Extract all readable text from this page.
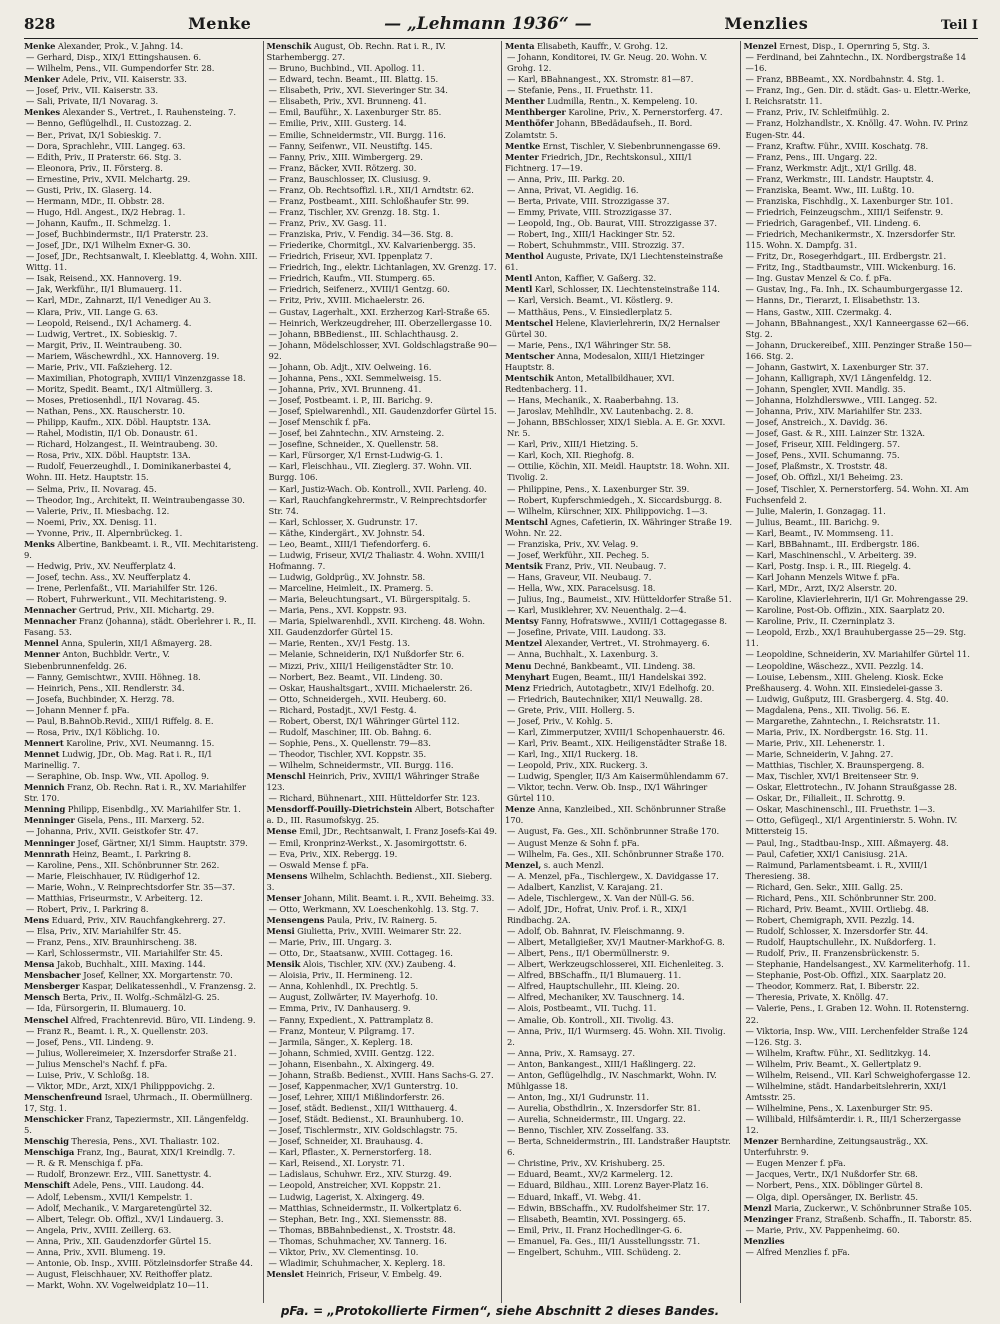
828	Menke	— „Lehmann 1936“ —	Menzlies	Teil I

Menke Alexander, Prok., V. Jahng. 14.

— Gerhard, Disp., XIX/1 Ettingshausen. 6.

— Wilhelm, Pens., VII. Gumpendorfer Str. 28.

Menker Adele, Priv., VII. Kaiserstr. 33.

— Josef, Priv., VII. Kaiserstr. 33.

— Sali, Private, II/1 Novarag. 3.

Menkes Alexander S., Vertret., I. Rauhensteing. 7.

— Benno, Geflügelhdl., II. Custozzag. 2.

— Ber., Privat, IX/1 Sobieskig. 7.

— Dora, Sprachlehr., VIII. Langeg. 63.

— Edith, Priv., II Praterstr. 66. Stg. 3.

— Eleonora, Priv., II. Försterg. 8.

— Ernestine, Priv., XVII. Melchartg. 29.

— Gusti, Priv., IX. Glaserg. 14.

— Hermann, MDr., II. Obbstr. 28.

— Hugo, Hdl. Angest., IX/2 Hebrag. 1.

— Johann, Kaufm., II. Schmelzg. 1.

— Josef, Buchbindermstr., II/1 Praterstr. 23.

— Josef, JDr., IX/1 Wilhelm Exner-G. 30.

— Josef, JDr., Rechtsanwalt, I. Kleeblattg. 4, Wohn. XIII. Wittg. 11.

— Isak, Reisend., XX. Hannoverg. 19.

— Jak, Werkführ., II/1 Blumauerg. 11.

— Karl, MDr., Zahnarzt, II/1 Venediger Au 3.

— Klara, Priv., VII. Lange G. 63.

— Leopold, Reisend., IX/1 Achamerg. 4.

— Ludwig, Vertret., IX. Sobieskig. 7.

— Margit, Priv., II. Weintraubeng. 30.

— Mariem, Wäschewrdhl., XX. Hannoverg. 19.

— Marie, Priv., VII. Faßzieherg. 12.

— Maximilian, Photograph, XVIII/1 Vinzenzgasse 18.

— Moritz, Spedit. Beamt., IX/1 Altmüllerg. 3.

— Moses, Pretiosenhdl., II/1 Novarag. 45.

— Nathan, Pens., XX. Rauscherstr. 10.

— Philipp, Kaufm., XIX. Döbl. Hauptstr. 13A.

— Rahel, Modistin, II/1 Ob. Donaustr. 61.

— Richard, Holzangest., II. Weintraubeng. 30.

— Rosa, Priv., XIX. Döbl. Hauptstr. 13A.

— Rudolf, Feuerzeughdl., I. Dominikanerbastei 4, Wohn. III. Hetz. Hauptstr. 15.

— Selma, Priv., II. Novarag. 45.

— Theodor, Ing., Architekt, II. Weintraubengasse 30.

— Valerie, Priv., II. Miesbachg. 12.

— Noemi, Priv., XX. Denisg. 11.

— Yvonne, Priv., II. Alpernbrückeg. 1.

Menks Albertine, Bankbeamt. i. R., VII. Mechitaristeng. 9.

— Hedwig, Priv., XV. Neufferplatz 4.

— Josef, techn. Ass., XV. Neufferplatz 4.

— Irene, Perlenfaßt., VII. Mariahilfer Str. 126.

— Robert, Fuhrwerkunt., VII. Mechitaristeng. 9.

Mennacher Gertrud, Priv., XII. Michartg. 29.

Mennacher Franz (Johanna), städt. Oberlehrer i. R., II. Fasang. 53.

Mennel Anna, Spulerin, XII/1 Aßmayerg. 28.

Menner Anton, Buchbldr. Vertr., V. Siebenbrunnenfeldg. 26.

— Fanny, Gemischtwr., XVIII. Höhneg. 18.

— Heinrich, Pens., XII. Rendlerstr. 34.

— Josefa, Buchbinder, X. Herzg. 78.

— Johann Menner f. pFa.

— Paul, B.BahnOb.Revid., XIII/1 Riffelg. 8. E.

— Rosa, Priv., IX/1 Köblichg. 10.

Mennert Karoline, Priv., XVI. Neumanng. 15.

Mennet Ludwig, JDr., Ob. Mag. Rat i. R., II/1 Marinellig. 7.

— Seraphine, Ob. Insp. Ww., VII. Apollog. 9.

Mennich Franz, Ob. Rechn. Rat i. R., XV. Mariahilfer Str. 170.

Menning Philipp, Eisenbdlg., XV. Mariahilfer Str. 1.

Menninger Gisela, Pens., III. Marxerg. 52.

— Johanna, Priv., XVII. Geistkofer Str. 47.

Menninger Josef, Gärtner, XI/1 Simm. Hauptstr. 379.

Mennrath Heinz, Beamt., I. Parkring 8.

— Karoline, Pens., XII. Schönbrunner Str. 262.

— Marie, Fleischhauer, IV. Rüdigerhof 12.

— Marie, Wohn., V. Reinprechtsdorfer Str. 35—37.

— Matthias, Friseurmstr., V. Arbeiterg. 12.

— Robert, Priv., I. Parkring 8.

Mens Eduard, Priv., XIV. Rauchfangkehrerg. 27.

— Elsa, Priv., XIV. Mariahilfer Str. 45.

— Franz, Pens., XIV. Braunhirscheng. 38.

— Karl, Schlossermstr., VII. Mariahilfer Str. 45.

Mensa Jakob, Buchhalt., XIII. Maxing. 144.

Mensbacher Josef, Kellner, XX. Morgartenstr. 70.

Mensberger Kaspar, Delikatessenhdl., V. Franzensg. 2.

Mensch Berta, Priv., II. Wolfg.-Schmälzl-G. 25.

— Ida, Fürsorgerin, II. Blumauerg. 10.

Menschel Alfred, Frachtenrevid. Büro, VII. Lindeng. 9.

— Franz R., Beamt. i. R., X. Quellenstr. 203.

— Josef, Pens., VII. Lindeng. 9.

— Julius, Wollereimeier, X. Inzersdorfer Straße 21.

— Julius Menschel's Nachf. f. pFa.

— Luise, Priv., V. Schloßg. 18.

— Viktor, MDr., Arzt, XIX/1 Philipppovichg. 2.

Menschenfreund Israel, Uhrmach., II. Obermüllnerg. 17, Stg. 1.

Menschicker Franz, Tapeziermstr., XII. Längenfeldg. 5.

Menschig Theresia, Pens., XVI. Thaliastr. 102.

Menschiga Franz, Ing., Baurat, XIX/1 Kreindlg. 7.

— R. & R. Menschiga f. pFa.

— Rudolf, Bronzewr. Erz., VIII. Sanettystr. 4.

Menschift Adele, Pens., VIII. Laudong. 44.

— Adolf, Lebensm., XVII/1 Kempelstr. 1.

— Adolf, Mechanik., V. Margaretengürtel 32.

— Albert, Telegr. Ob. Offizl., XV/1 Lindauerg. 3.

— Angela, Priv., XVIII. Zeillerg. 63.

— Anna, Priv., XII. Gaudenzdorfer Gürtel 15.

— Anna, Priv., XVII. Blumeng. 19.

— Antonie, Ob. Insp., XVIII. Pötzleinsdorfer Straße 44.

— August, Fleischhauer, XV. Reithoffer platz.

— Markt, Wohn. XV. Vogelweidplatz 10—11.

Menschik August, Ob. Rechn. Rat i. R., IV. Starhembergg. 27.

— Bruno, Buchbind., VII. Apollog. 11.

— Edward, techn. Beamt., III. Blattg. 15.

— Elisabeth, Priv., XVI. Sieveringer Str. 34.

— Elisabeth, Priv., XVI. Brunneng. 41.

— Emil, Bauführ., X. Laxenburger Str. 85.

— Emilie, Priv., XIII. Gusterg. 14.

— Emilie, Schneidermstr., VII. Burgg. 116.

— Fanny, Seifenwr., VII. Neustiftg. 145.

— Fanny, Priv., XIII. Wimbergerg. 29.

— Franz, Bäcker, XVII. Rötzerg. 30.

— Franz, Bauschlosser, IX. Clusiusg. 9.

— Franz, Ob. Rechtsoffizl. i.R., XII/1 Arndtstr. 62.

— Franz, Postbeamt., XIII. Schloßhaufer Str. 99.

— Franz, Tischler, XV. Grenzg. 18. Stg. 1.

— Franz, Priv., XV. Gasg. 11.

— Franziska, Priv., V. Fendig. 34—36. Stg. 8.

— Friederike, Chormitgl., XV. Kalvarienbergg. 35.

— Friedrich, Friseur, XVI. Ippenplatz 7.

— Friedrich, Ing., elektr. Lichtanlagen, XV. Grenzg. 17.

— Friedrich, Kaufm., VII. Stumperg. 65.

— Friedrich, Seifenerz., XVIII/1 Gentzg. 60.

— Fritz, Priv., XVIII. Michaelerstr. 26.

— Gustav, Lagerhalt., XXI. Erzherzog Karl-Straße 65.

— Heinrich, Werkzeugdreher, III. Oberzellergasse 10.

— Johann, BBBedienst., III. Schlachthausg. 2.

— Johann, Mödelschlosser, XVI. Goldschlagstraße 90—92.

— Johann, Ob. Adjt., XIV. Oelweing. 16.

— Johanna, Pens., XXI. Semmelweisg. 15.

— Johanna, Priv., XVI. Brunneng. 41.

— Josef, Postbeamt. i. P., III. Barichg. 9.

— Josef, Spielwarenhdl., XII. Gaudenzdorfer Gürtel 15.

— Josef Menschik f. pFa.

— Josef, bei Zahntechn., XIV. Arnsteing. 2.

— Josefine, Schneider., X. Quellenstr. 58.

— Karl, Fürsorger, X/1 Ernst-Ludwig-G. 1.

— Karl, Fleischhau., VII. Zieglerg. 37. Wohn. VII. Burgg. 106.

— Karl, Justiz-Wach. Ob. Kontroll., XVII. Parleng. 40.

— Karl, Rauchfangkehrermstr., V. Reinprechtsdorfer Str. 74.

— Karl, Schlosser, X. Gudrunstr. 17.

— Käthe, Kindergärt., XV. Johnstr. 54.

— Leo, Beamt., XIII/1 Tiefendorferg. 6.

— Ludwig, Friseur, XVI/2 Thaliastr. 4. Wohn. XVIII/1 Hofmanng. 7.

— Ludwig, Goldprüg., XV. Johnstr. 58.

— Marceline, Heimleit., IX. Pramerg. 5.

— Maria, Beleuchtungsart., VI. Bürgerspitalg. 5.

— Maria, Pens., XVI. Koppstr. 93.

— Maria, Spielwarenhdl., XVII. Kircheng. 48. Wohn. XII. Gaudenzdorfer Gürtel 15.

— Marie, Renten., XV/1 Festg. 13.

— Melanie, Schneiderin, IX/1 Nußdorfer Str. 6.

— Mizzi, Priv., XIII/1 Heiligenstädter Str. 10.

— Norbert, Bez. Beamt., VII. Lindeng. 30.

— Oskar, Haushaltsgart., XVIII. Michaelerstr. 26.

— Otto, Schneidergeh., XVII. Heuberg. 60.

— Richard, Postadjt., XV/1 Festg. 4.

— Robert, Oberst, IX/1 Währinger Gürtel 112.

— Rudolf, Maschiner, III. Ob. Bahng. 6.

— Sophie, Pens., X. Quellenstr. 79—83.

— Theodor, Tischler, XVI. Koppstr. 35.

— Wilhelm, Schneidermstr., VII. Burgg. 116.

Menschl Heinrich, Priv., XVIII/1 Währinger Straße 123.

— Richard, Bühnenart., XIII. Hütteldorfer Str. 123.

Mensdorff-Pouilly-Dietrichstein Albert, Botschafter a. D., III. Rasumofskyg. 25.

Mense Emil, JDr., Rechtsanwalt, I. Franz Josefs-Kai 49.

— Emil, Kronprinz-Werkst., X. Jasomirgottstr. 6.

— Eva, Priv., XIX. Rebergg. 19.

— Oswald Mense f. pFa.

Mensens Wilhelm, Schlachth. Bedienst., XII. Sieberg. 3.

Menser Johann, Milit. Beamt. i. R., XVII. Beheimg. 33.

— Otto, Werkmann, XV. Loeschenkohlg. 13. Stg. 7.

Mensengens Paula, Priv., IV. Rainerg. 5.

Mensi Giulietta, Priv., XVIII. Weimarer Str. 22.

— Marie, Priv., III. Ungarg. 3.

— Otto, Dr., Staatsanw., XVIII. Cottageg. 16.

Mensik Alois, Tischler, XIV. (XV.) Zaubeng. 4.

— Aloisia, Priv., II. Hermineng. 12.

— Anna, Kohlenhdl., IX. Prechtlg. 5.

— August, Zollwärter, IV. Mayerhofg. 10.

— Emma, Priv., IV. Danhauserg. 9.

— Fanny, Expedient., X. Pattramplatz 8.

— Franz, Monteur, V. Pilgramg. 17.

— Jarmila, Sänger., X. Keplerg. 18.

— Johann, Schmied, XVIII. Gentzg. 122.

— Johann, Eisenbahn., X. Alxingerg. 49.

— Johann, Straßb. Bedienst., XVIII. Hans Sachs-G. 27.

— Josef, Kappenmacher, XV/1 Gunterstrg. 10.

— Josef, Lehrer, XIII/1 Mißlindorferstr. 26.

— Josef, städt. Bedienst., XII/1 Witthauerg. 4.

— Josef, Städt. Bedienst., XI. Braunhuberg. 10.

— Josef, Tischlermstr., XIV. Goldschlagstr. 75.

— Josef, Schneider, XI. Brauhausg. 4.

— Karl, Pflaster., X. Pernerstorferg. 18.

— Karl, Reisend., XI. Lorystr. 71.

— Ladislaus, Schuhwr. Erz., XIV. Sturzg. 49.

— Leopold, Anstreicher, XVI. Koppstr. 21.

— Ludwig, Lagerist, X. Alxingerg. 49.

— Matthias, Schneidermstr., II. Volkertplatz 6.

— Stephan, Betr. Ing., XXI. Siemensstr. 88.

— Thomas, BBBahnbedienst., X. Troststr. 48.

— Thomas, Schuhmacher, XV. Tannerg. 16.

— Viktor, Priv., XV. Clementinsg. 10.

— Wladimir, Schuhmacher, X. Keplerg. 18.

Menslet Heinrich, Friseur, V. Embelg. 49.

Menta Elisabeth, Kauffr., V. Grohg. 12.

— Johann, Konditorei, IV. Gr. Neug. 20. Wohn. V. Grohg. 12.

— Karl, BBahnangest., XX. Stromstr. 81—87.

— Stefanie, Pens., II. Fruethstr. 11.

Menther Ludmilla, Rentn., X. Kempeleng. 10.

Menthberger Karoline, Priv., X. Pernerstorferg. 47.

Menthöfer Johann, BBedädaufseh., II. Bord. Zolamtstr. 5.

Mentke Ernst, Tischler, V. Siebenbrunnengasse 69.

Menter Friedrich, JDr., Rechtskonsul., XIII/1 Fichtnerg. 17—19.

— Anna, Priv., III. Parkg. 20.

— Anna, Privat, VI. Aegidig. 16.

— Berta, Private, VIII. Strozzigasse 37.

— Emmy, Private, VIII. Strozzigasse 37.

— Leopold, Ing., Ob. Baurat, VIII. Strozzigasse 37.

— Robert, Ing., XIII/1 Hackinger Str. 52.

— Robert, Schuhmmstr., VIII. Strozzig. 37.

Menthol Auguste, Private, IX/1 Liechtensteinstraße 61.

Mentl Anton, Kaffier, V. Gaßerg. 32.

Mentl Karl, Schlosser, IX. Liechtensteinstraße 114.

— Karl, Versich. Beamt., VI. Köstlerg. 9.

— Matthäus, Pens., V. Einsiedlerplatz 5.

Mentschel Helene, Klavierlehrerin, IX/2 Hernalser Gürtel 30.

— Marie, Pens., IX/1 Währinger Str. 58.

Mentscher Anna, Modesalon, XIII/1 Hietzinger Hauptstr. 8.

Mentschik Anton, Metallbildhauer, XVI. Redtenbacherg. 11.

— Hans, Mechanik., X. Raaberbahng. 13.

— Jaroslav, Mehlhdlr., XV. Lautenbachg. 2. 8.

— Johann, BBSchlosser, XIX/1 Siebla. A. E. Gr. XXVI. Nr. 5.

— Karl, Priv., XIII/1 Hietzing. 5.

— Karl, Koch, XII. Rieghofg. 8.

— Ottilie, Köchin, XII. Meidl. Hauptstr. 18. Wohn. XII. Tivolig. 2.

— Philippine, Pens., X. Laxenburger Str. 39.

— Robert, Kupferschmiedgeh., X. Siccardsburgg. 8.

— Wilhelm, Kürschner, XIX. Philippovichg. 1—3.

Mentschl Agnes, Cafetierin, IX. Währinger Straße 19. Wohn. Nr. 22.

— Franziska, Priv., XV. Velag. 9.

— Josef, Werkführ., XII. Pecheg. 5.

Mentsik Franz, Priv., VII. Neubaug. 7.

— Hans, Graveur, VII. Neubaug. 7.

— Hella, Ww., XIX. Paracelsusg. 18.

— Julius, Ing., Baumeist., XIV. Hütteldorfer Straße 51.

— Karl, Musiklehrer, XV. Neuenthalg. 2—4.

Mentsy Fanny, Hofratswwe., XVIII/1 Cottagegasse 8.

— Josefine, Private, VIII. Laudong. 33.

Mentzel Alexander, Vertret., VI. Strohmayerg. 6.

— Anna, Buchhalt., X. Laxenburg. 3.

Menu Dechné, Bankbeamt., VII. Lindeng. 38.

Menyhart Eugen, Beamt., III/1 Handelskai 392.

Menz Friedrich, Autotagbetr., XIV/1 Edelhofg. 20.

— Friedrich, Bautechniker, XII/1 Neuwallg. 28.

— Grete, Priv., VIII. Hollerg. 5.

— Josef, Priv., V. Kohlg. 5.

— Karl, Zimmerputzer, XVIII/1 Schopenhauerstr. 46.

— Karl, Priv. Beamt., XIX. Heiligenstädter Straße 18.

— Karl, Ing., XII/1 Ruckerg. 18.

— Leopold, Priv., XIX. Ruckerg. 3.

— Ludwig, Spengler, II/3 Am Kaisermühlendamm 67.

— Viktor, techn. Verw. Ob. Insp., IX/1 Währinger Gürtel 110.

Menze Anna, Kanzleibed., XII. Schönbrunner Straße 170.

— August, Fa. Ges., XII. Schönbrunner Straße 170.

— August Menze & Sohn f. pFa.

— Wilhelm, Fa. Ges., XII. Schönbrunner Straße 170.

Menzel, s. auch Menzl.

— A. Menzel, pFa., Tischlergew., X. Davidgasse 17.

— Adalbert, Kanzlist, V. Karajang. 21.

— Adele, Tischlergew., X. Van der Nüll-G. 56.

— Adolf, JDr., Hofrat, Univ. Prof. i. R., XIX/1 Rindbachg. 2A.

— Adolf, Ob. Bahnrat, IV. Fleischmanng. 9.

— Albert, Metallgießer, XV/1 Mautner-Markhof-G. 8.

— Albert, Pens., II/1 Obermüllnerstr. 9.

— Albert, Werkzeugschlosserei, XII. Eichenleiteg. 3.

— Alfred, BBSchaffn., II/1 Blumauerg. 11.

— Alfred, Hauptschullehr., III. Kleing. 20.

— Alfred, Mechaniker, XV. Tauschnerg. 14.

— Alois, Postbeamt., VII. Tuchg. 11.

— Amalie, Ob. Kontroll., XII. Tivolig. 43.

— Anna, Priv., II/1 Wurmserg. 45. Wohn. XII. Tivolig. 2.

— Anna, Priv., X. Ramsayg. 27.

— Anton, Bankangest., XIII/1 Haßlingerg. 22.

— Anton, Geflügelhdlg., IV. Naschmarkt, Wohn. IV. Mühlgasse 18.

— Anton, Ing., XI/1 Gudrunstr. 11.

— Aurelia, Obsthdlrin., X. Inzersdorfer Str. 81.

— Aurelia, Schneidermstr., III. Ungarg. 22.

— Benno, Tischler, XIV. Zosselfang. 33.

— Berta, Schneidermstrin., III. Landstraßer Hauptstr. 6.

— Christine, Priv., XV. Krishuberg. 25.

— Eduard, Beamt., XV/2 Karmelerg. 12.

— Eduard, Bildhau., XIII. Lorenz Bayer-Platz 16.

— Eduard, Inkaff., VI. Webg. 41.

— Edwin, BBSchaffn., XV. Rudolfsheimer Str. 17.

— Elisabeth, Beamtin, XVI. Possingerg. 65.

— Emil, Priv., II. Franz Hochedlinger-G. 6.

— Emanuel, Fa. Ges., III/1 Ausstellungsstr. 71.

— Engelbert, Schuhm., VIII. Schüdeng. 2.

Menzel Ernest, Disp., I. Opernring 5, Stg. 3.

— Ferdinand, bei Zahntechn., IX. Nordbergstraße 14—16.

— Franz, BBBeamt., XX. Nordbahnstr. 4. Stg. 1.

— Franz, Ing., Gen. Dir. d. städt. Gas- u. Elettr.-Werke, I. Reichsratstr. 11.

— Franz, Priv., IV. Schleifmühlg. 2.

— Franz, Holzhandlstr., X. Knöllg. 47. Wohn. IV. Prinz Eugen-Str. 44.

— Franz, Kraftw. Führ., XVIII. Koschatg. 78.

— Franz, Pens., III. Ungarg. 22.

— Franz, Werkmstr. Adjt., XI/1 Grillg. 48.

— Franz, Werkmstr., III. Landstr. Hauptstr. 4.

— Franziska, Beamt. Ww., III. Lußtg. 10.

— Franziska, Fischhdlg., X. Laxenburger Str. 101.

— Friedrich, Feinzeugschm., XIII/1 Seifenstr. 9.

— Friedrich, Garagenbef., VII. Lindeng. 6.

— Friedrich, Mechanikermstr., X. Inzersdorfer Str. 115. Wohn. X. Dampfg. 31.

— Fritz, Dr., Rosegerhdgart., III. Erdbergstr. 21.

— Fritz, Ing., Stadtbaumstr., VIII. Wickenburg. 16.

— Ing. Gustav Menzel & Co. f. pFa.

— Gustav, Ing., Fa. Inh., IX. Schaumburgergasse 12.

— Hanns, Dr., Tierarzt, I. Elisabethstr. 13.

— Hans, Gastw., XIII. Czermakg. 4.

— Johann, BBahnangest., XX/1 Kanneergasse 62—66. Stg. 2.

— Johann, Druckereibef., XIII. Penzinger Straße 150—166. Stg. 2.

— Johann, Gastwirt, X. Laxenburger Str. 37.

— Johann, Kalligraph, XV/1 Längenfeldg. 12.

— Johann, Spengler, XVII. Mandlg. 35.

— Johanna, Holzhdlerswwe., VIII. Langeg. 52.

— Johanna, Priv., XIV. Mariahilfer Str. 233.

— Josef, Anstreich., X. Davidg. 36.

— Josef, Gast. & R., XIII. Lainzer Str. 132A.

— Josef, Friseur, XIII. Feldingerg. 57.

— Josef, Pens., XVII. Schumanng. 75.

— Josef, Plaßmstr., X. Troststr. 48.

— Josef, Ob. Offizl., XI/1 Beheimg. 23.

— Josef, Tischler, X. Pernerstorferg. 54. Wohn. XI. Am Fuchsenfeld 2.

— Julie, Malerin, I. Gonzagag. 11.

— Julius, Beamt., III. Barichg. 9.

— Karl, Beamt., IV. Mommseng. 11.

— Karl, BBBahnamt., III. Erdbergstr. 186.

— Karl, Maschinenschl., V. Arbeiterg. 39.

— Karl, Postg. Insp. i. R., III. Riegelg. 4.

— Karl Johann Menzels Witwe f. pFa.

— Karl, MDr., Arzt, IX/2 Alserstr. 20.

— Karoline, Klavierlehrerin, II/1 Gr. Mohrengasse 29.

— Karoline, Post-Ob. Offizin., XIX. Saarplatz 20.

— Karoline, Priv., II. Czerninplatz 3.

— Leopold, Erzb., XX/1 Brauhubergasse 25—29. Stg. 11.

— Leopoldine, Schneiderin, XV. Mariahilfer Gürtel 11.

— Leopoldine, Wäschezz., XVII. Pezzlg. 14.

— Louise, Lebensm., XIII. Gheleng. Kiosk. Ecke Preßhauserg. 4. Wohn. XII. Einsiedelei-gasse 3.

— Ludwig, Gußputz, III. Grasbergerg. 4. Stg. 40.

— Magdalena, Pens., XII. Tivolig. 56. E.

— Margarethe, Zahntechn., I. Reichsratstr. 11.

— Maria, Priv., IX. Nordbergstr. 16. Stg. 11.

— Marie, Priv., XII. Lehenerstr. 1.

— Marie, Schneiderin, V. Jahng. 27.

— Matthias, Tischler, X. Braunspergeng. 8.

— Max, Tischler, XVI/1 Breitenseer Str. 9.

— Oskar, Elettrotechn., IV. Johann Straußgasse 28.

— Oskar, Dr., Filialleit., II. Schrottg. 9.

— Oskar, Maschinenschl., III. Fruethstr. 1—3.

— Otto, Gefügeql., XI/1 Argentinierstr. 5. Wohn. IV. Mittersteig 15.

— Paul, Ing., Stadtbau-Insp., XIII. Aßmayerg. 48.

— Paul, Cafetier, XXI/1 Canisiusg. 21A.

— Raimund, Parlamentsbeamt. i. R., XVIII/1 Theresieng. 38.

— Richard, Gen. Sekr., XIII. Gallg. 25.

— Richard, Pens., XII. Schönbrunner Str. 200.

— Richard, Priv. Beamt., XVIII. Ortliebg. 48.

— Robert, Chemigraph, XVII. Pezzlg. 14.

— Rudolf, Schlosser, X. Inzersdorfer Str. 44.

— Rudolf, Hauptschullehr., IX. Nußdorferg. 1.

— Rudolf, Priv., II. Franzensbrückenstr. 5.

— Stephanie, Handelsangest., XV. Karmeliterhofg. 11.

— Stephanie, Post-Ob. Offizl., XIX. Saarplatz 20.

— Theodor, Kommerz. Rat, I. Biberstr. 22.

— Theresia, Private, X. Knöllg. 47.

— Valerie, Pens., I. Graben 12. Wohn. II. Rotensterng. 22.

— Viktoria, Insp. Ww., VIII. Lerchenfelder Straße 124—126. Stg. 3.

— Wilhelm, Kraftw. Führ., XI. Sedlitzkyg. 14.

— Wilhelm, Priv. Beamt., X. Gellertplatz 9.

— Wilhelm, Reisend., VII. Karl Schweighofergasse 12.

— Wilhelmine, städt. Handarbeitslehrerin, XXI/1 Amtsstr. 25.

— Wilhelmine, Pens., X. Laxenburger Str. 95.

— Willibald, Hilfsämterdir. i. R., III/1 Scherzergasse 12.

Menzer Bernhardine, Zeitungsausträg., XX. Unterfuhrstr. 9.

— Eugen Menzer f. pFa.

— Jacques, Vertr., IX/1 Nußdorfer Str. 68.

— Norbert, Pens., XIX. Döblinger Gürtel 8.

— Olga, dipl. Opersänger, IX. Berlistr. 45.

Menzl Maria, Zuckerwr., V. Schönbrunner Straße 105.

Menzinger Franz, Straßenb. Schaffn., II. Taborstr. 85.

— Marie, Priv., XV. Pappenheimg. 60.

Menzlies

— Alfred Menzlies f. pFa.

pFa. = „Protokollierte Firmen“, siehe Abschnitt 2 dieses Bandes.
